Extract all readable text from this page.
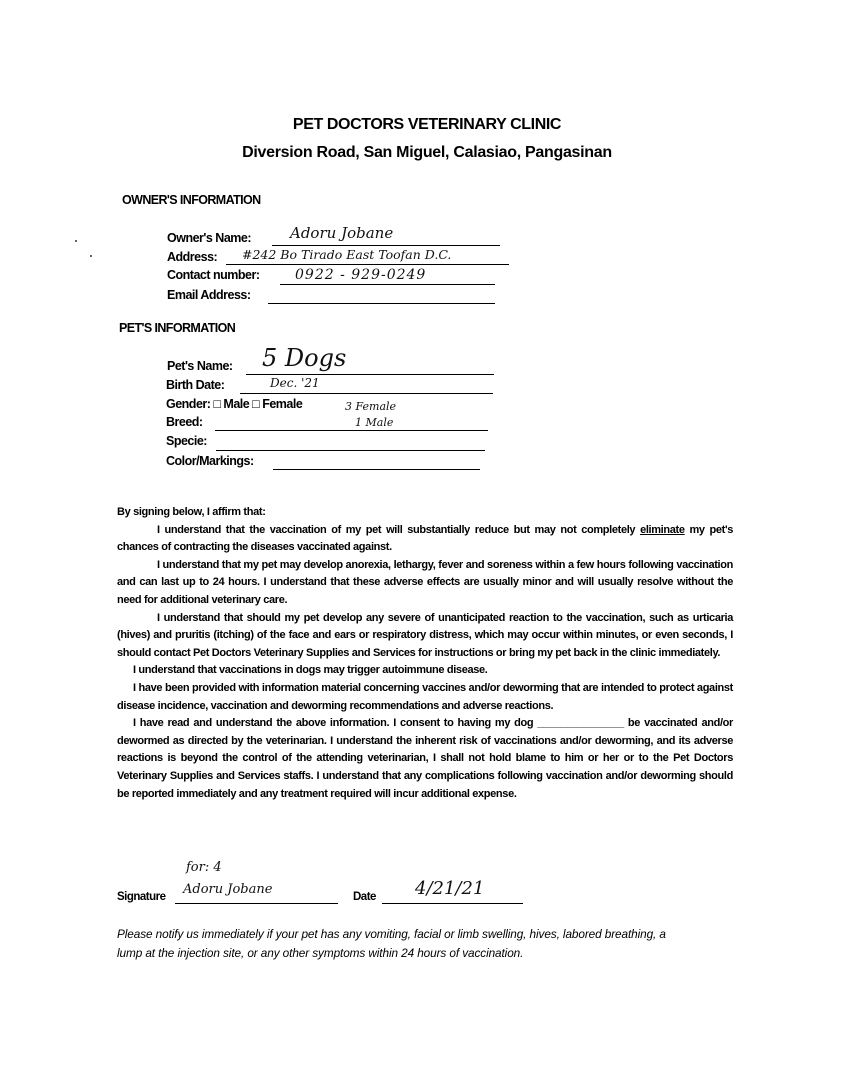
PET DOCTORS VETERINARY CLINIC
Diversion Road, San Miguel, Calasiao, Pangasinan
OWNER'S INFORMATION
Owner's Name:	Adoru Jobane
Address: #242 Bo Tirado East Toofan D.C.
Contact number:	0922 - 929-0249
Email Address:
PET'S INFORMATION
Pet's Name: 5 Dogs
Birth Date:	Dec. '21
Gender: □ Male □ Female	3 Female
Breed:	1 Male
Specie:
Color/Markings:
By signing below, I affirm that:

I understand that the vaccination of my pet will substantially reduce but may not completely eliminate my pet's chances of contracting the diseases vaccinated against.

I understand that my pet may develop anorexia, lethargy, fever and soreness within a few hours following vaccination and can last up to 24 hours. I understand that these adverse effects are usually minor and will usually resolve without the need for additional veterinary care.

I understand that should my pet develop any severe of unanticipated reaction to the vaccination, such as urticaria (hives) and pruritis (itching) of the face and ears or respiratory distress, which may occur within minutes, or even seconds, I should contact Pet Doctors Veterinary Supplies and Services for instructions or bring my pet back in the clinic immediately.

I understand that vaccinations in dogs may trigger autoimmune disease.

I have been provided with information material concerning vaccines and/or deworming that are intended to protect against disease incidence, vaccination and deworming recommendations and adverse reactions.

I have read and understand the above information. I consent to having my dog _______________ be vaccinated and/or dewormed as directed by the veterinarian. I understand the inherent risk of vaccinations and/or deworming, and its adverse reactions is beyond the control of the attending veterinarian, I shall not hold blame to him or her or to the Pet Doctors Veterinary Supplies and Services staffs. I understand that any complications following vaccination and/or deworming should be reported immediately and any treatment required will incur additional expense.

for: 4
Signature Adoru Jobane	Date 4/21/21
Please notify us immediately if your pet has any vomiting, facial or limb swelling, hives, labored breathing, a lump at the injection site, or any other symptoms within 24 hours of vaccination.
